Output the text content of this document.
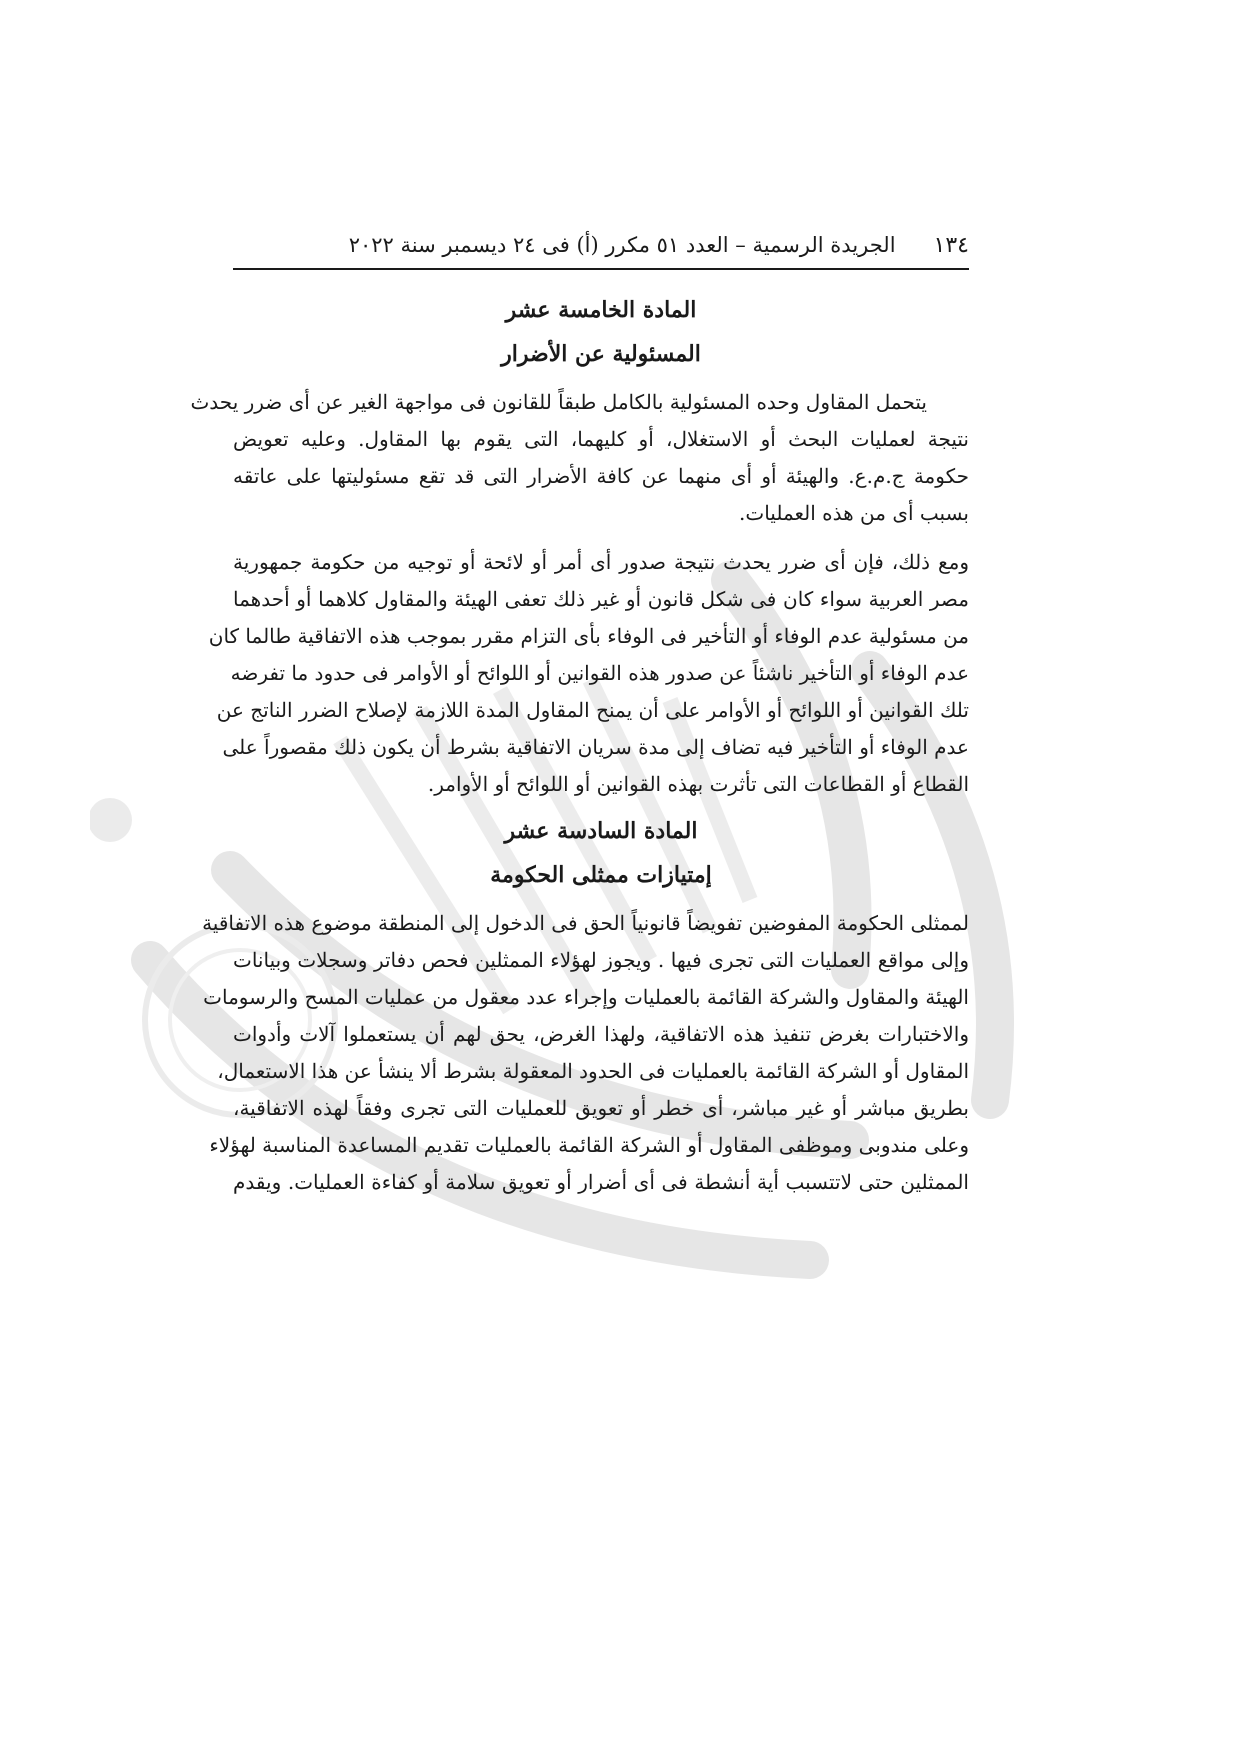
١٣٤
الجريدة الرسمية – العدد ٥١ مكرر (أ) فى ٢٤ ديسمبر سنة ٢٠٢٢
المادة الخامسة عشر
المسئولية عن الأضرار

يتحمل المقاول وحده المسئولية بالكامل طبقاً للقانون فى مواجهة الغير عن أى ضرر يحدث

نتيجة لعمليات البحث أو الاستغلال، أو كليهما، التى يقوم بها المقاول. وعليه تعويض

حكومة ج.م.ع. والهيئة أو أى منهما عن كافة الأضرار التى قد تقع مسئوليتها على عاتقه

بسبب أى من هذه العمليات.

ومع ذلك، فإن أى ضرر يحدث نتيجة صدور أى أمر أو لائحة أو توجيه من حكومة جمهورية

مصر العربية سواء كان فى شكل قانون أو غير ذلك تعفى الهيئة والمقاول كلاهما أو أحدهما

من مسئولية عدم الوفاء أو التأخير فى الوفاء بأى التزام مقرر بموجب هذه الاتفاقية طالما كان

عدم الوفاء أو التأخير ناشئاً عن صدور هذه القوانين أو اللوائح أو الأوامر فى حدود ما تفرضه

تلك القوانين أو اللوائح أو الأوامر على أن يمنح المقاول المدة اللازمة لإصلاح الضرر الناتج عن

عدم الوفاء أو التأخير فيه تضاف إلى مدة سريان الاتفاقية بشرط أن يكون ذلك مقصوراً على

القطاع أو القطاعات التى تأثرت بهذه القوانين أو اللوائح أو الأوامر.

المادة السادسة عشر
إمتيازات ممثلى الحكومة

لممثلى الحكومة المفوضين تفويضاً قانونياً الحق فى الدخول إلى المنطقة موضوع هذه الاتفاقية

وإلى مواقع العمليات التى تجرى فيها . ويجوز لهؤلاء الممثلين فحص دفاتر وسجلات وبيانات

الهيئة والمقاول والشركة القائمة بالعمليات وإجراء عدد معقول من عمليات المسح والرسومات

والاختبارات بغرض تنفيذ هذه الاتفاقية، ولهذا الغرض، يحق لهم أن يستعملوا آلات وأدوات

المقاول أو الشركة القائمة بالعمليات فى الحدود المعقولة بشرط ألا ينشأ عن هذا الاستعمال،

بطريق مباشر أو غير مباشر، أى خطر أو تعويق للعمليات التى تجرى وفقاً لهذه الاتفاقية،

وعلى مندوبى وموظفى المقاول أو الشركة القائمة بالعمليات تقديم المساعدة المناسبة لهؤلاء

الممثلين حتى لاتتسبب أية أنشطة فى أى أضرار أو تعويق سلامة أو كفاءة العمليات. ويقدم
